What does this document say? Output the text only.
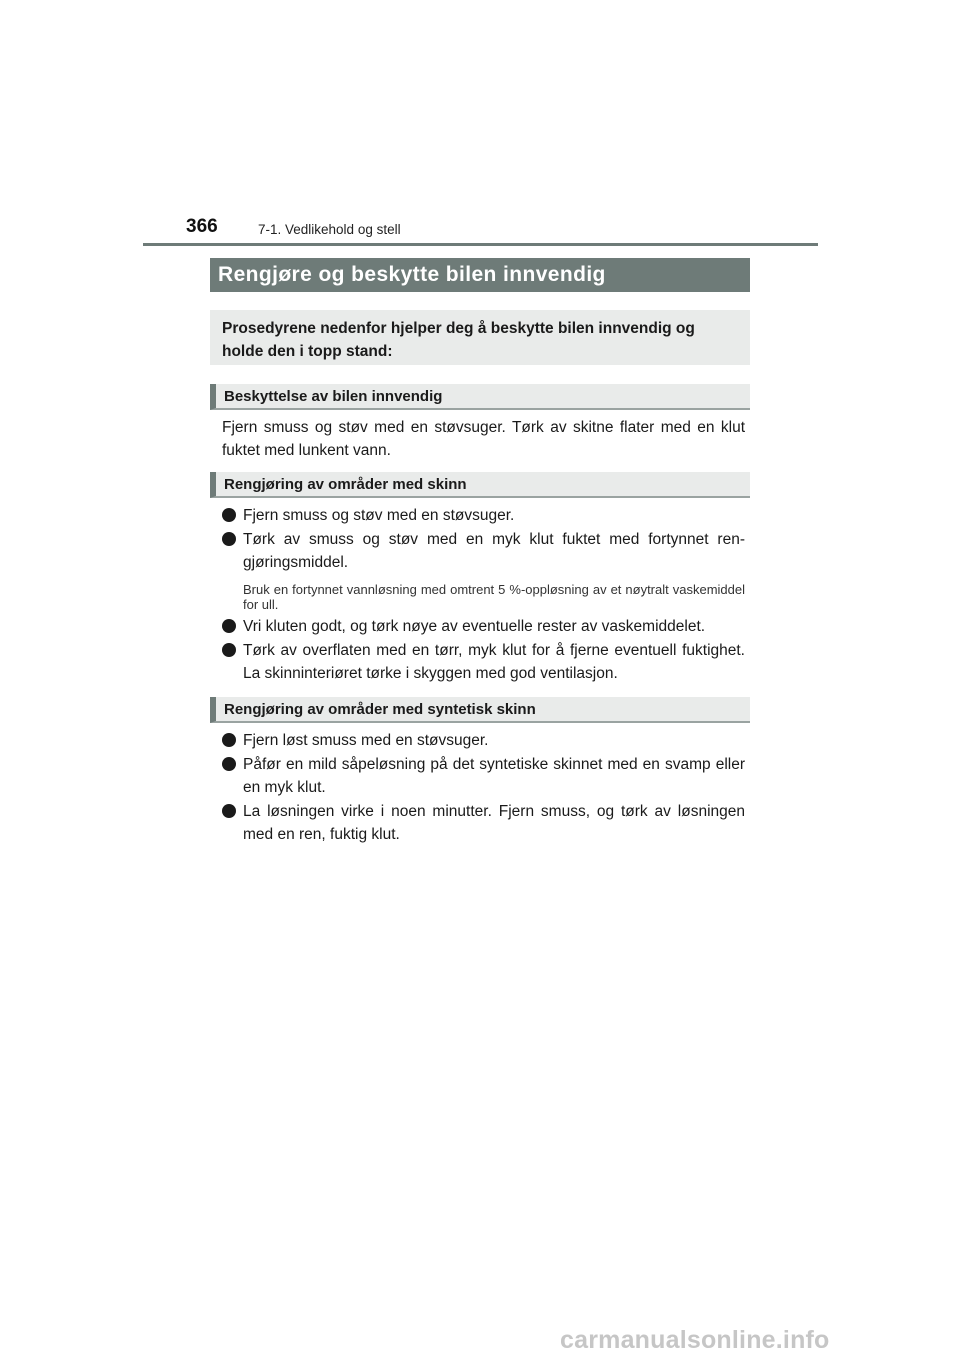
366	7-1. Vedlikehold og stell
Rengjøre og beskytte bilen innvendig
Prosedyrene nedenfor hjelper deg å beskytte bilen innvendig og holde den i topp stand:
Beskyttelse av bilen innvendig
Fjern smuss og støv med en støvsuger. Tørk av skitne flater med en klut fuktet med lunkent vann.
Rengjøring av områder med skinn
Fjern smuss og støv med en støvsuger.
Tørk av smuss og støv med en myk klut fuktet med fortynnet ren-gjøringsmiddel.
Bruk en fortynnet vannløsning med omtrent 5 %-oppløsning av et nøytralt vaskemiddel for ull.
Vri kluten godt, og tørk nøye av eventuelle rester av vaskemiddelet.
Tørk av overflaten med en tørr, myk klut for å fjerne eventuell fuktighet. La skinninteriøret tørke i skyggen med god ventilasjon.
Rengjøring av områder med syntetisk skinn
Fjern løst smuss med en støvsuger.
Påfør en mild såpeløsning på det syntetiske skinnet med en svamp eller en myk klut.
La løsningen virke i noen minutter. Fjern smuss, og tørk av løsningen med en ren, fuktig klut.
carmanualsonline.info
